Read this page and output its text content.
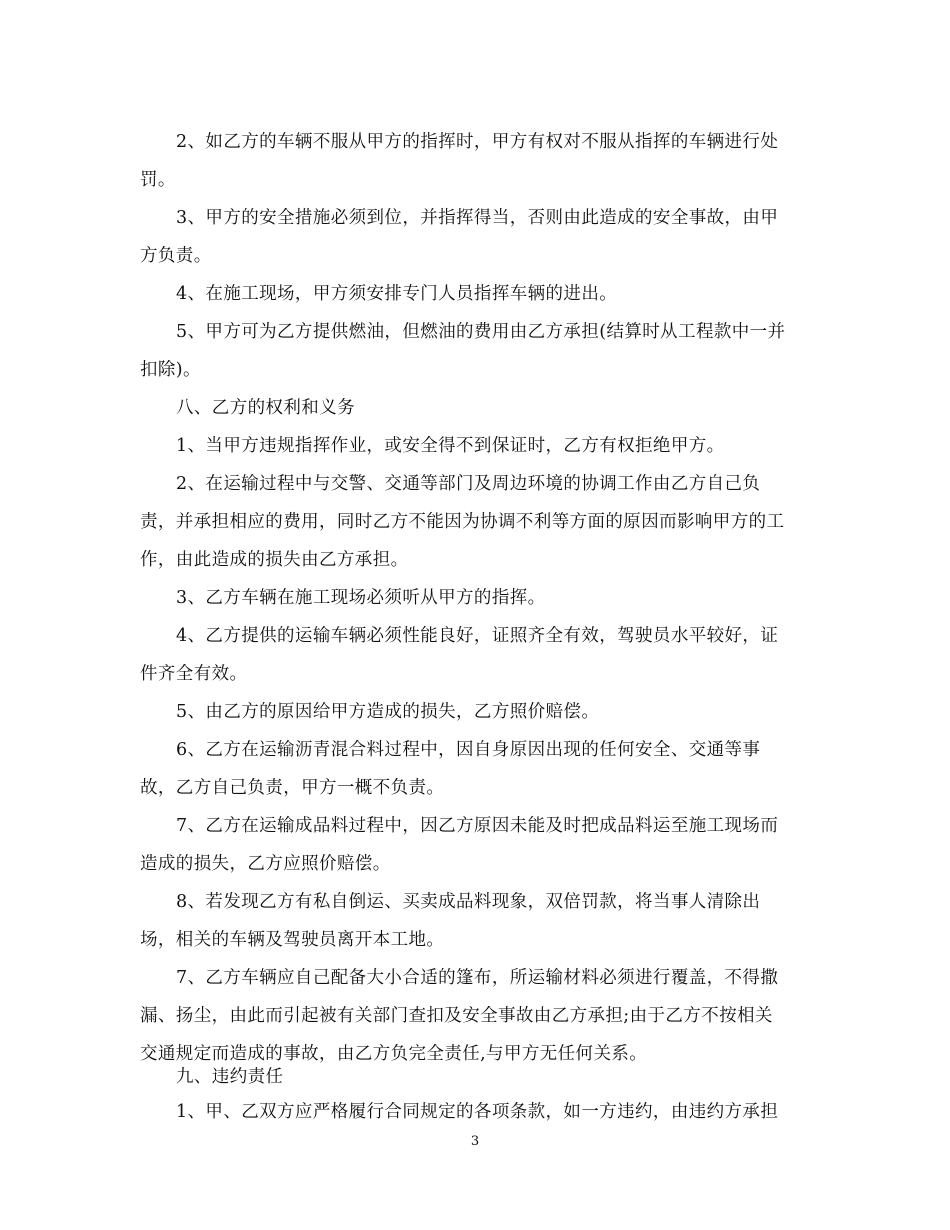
2、如乙方的车辆不服从甲方的指挥时，甲方有权对不服从指挥的车辆进行处
罚。
3、甲方的安全措施必须到位，并指挥得当，否则由此造成的安全事故，由甲
方负责。
4、在施工现场，甲方须安排专门人员指挥车辆的进出。
5、甲方可为乙方提供燃油，但燃油的费用由乙方承担(结算时从工程款中一并
扣除)。
八、乙方的权利和义务
1、当甲方违规指挥作业，或安全得不到保证时，乙方有权拒绝甲方。
2、在运输过程中与交警、交通等部门及周边环境的协调工作由乙方自己负
责，并承担相应的费用，同时乙方不能因为协调不利等方面的原因而影响甲方的工
作，由此造成的损失由乙方承担。
3、乙方车辆在施工现场必须听从甲方的指挥。
4、乙方提供的运输车辆必须性能良好，证照齐全有效，驾驶员水平较好，证
件齐全有效。
5、由乙方的原因给甲方造成的损失，乙方照价赔偿。
6、乙方在运输沥青混合料过程中，因自身原因出现的任何安全、交通等事
故，乙方自己负责，甲方一概不负责。
7、乙方在运输成品料过程中，因乙方原因未能及时把成品料运至施工现场而
造成的损失，乙方应照价赔偿。
8、若发现乙方有私自倒运、买卖成品料现象，双倍罚款，将当事人清除出
场，相关的车辆及驾驶员离开本工地。
7、乙方车辆应自己配备大小合适的篷布，所运输材料必须进行覆盖，不得撒
漏、扬尘，由此而引起被有关部门查扣及安全事故由乙方承担;由于乙方不按相关
交通规定而造成的事故，由乙方负完全责任,与甲方无任何关系。
九、违约责任
3
1、甲、乙双方应严格履行合同规定的各项条款，如一方违约，由违约方承担
